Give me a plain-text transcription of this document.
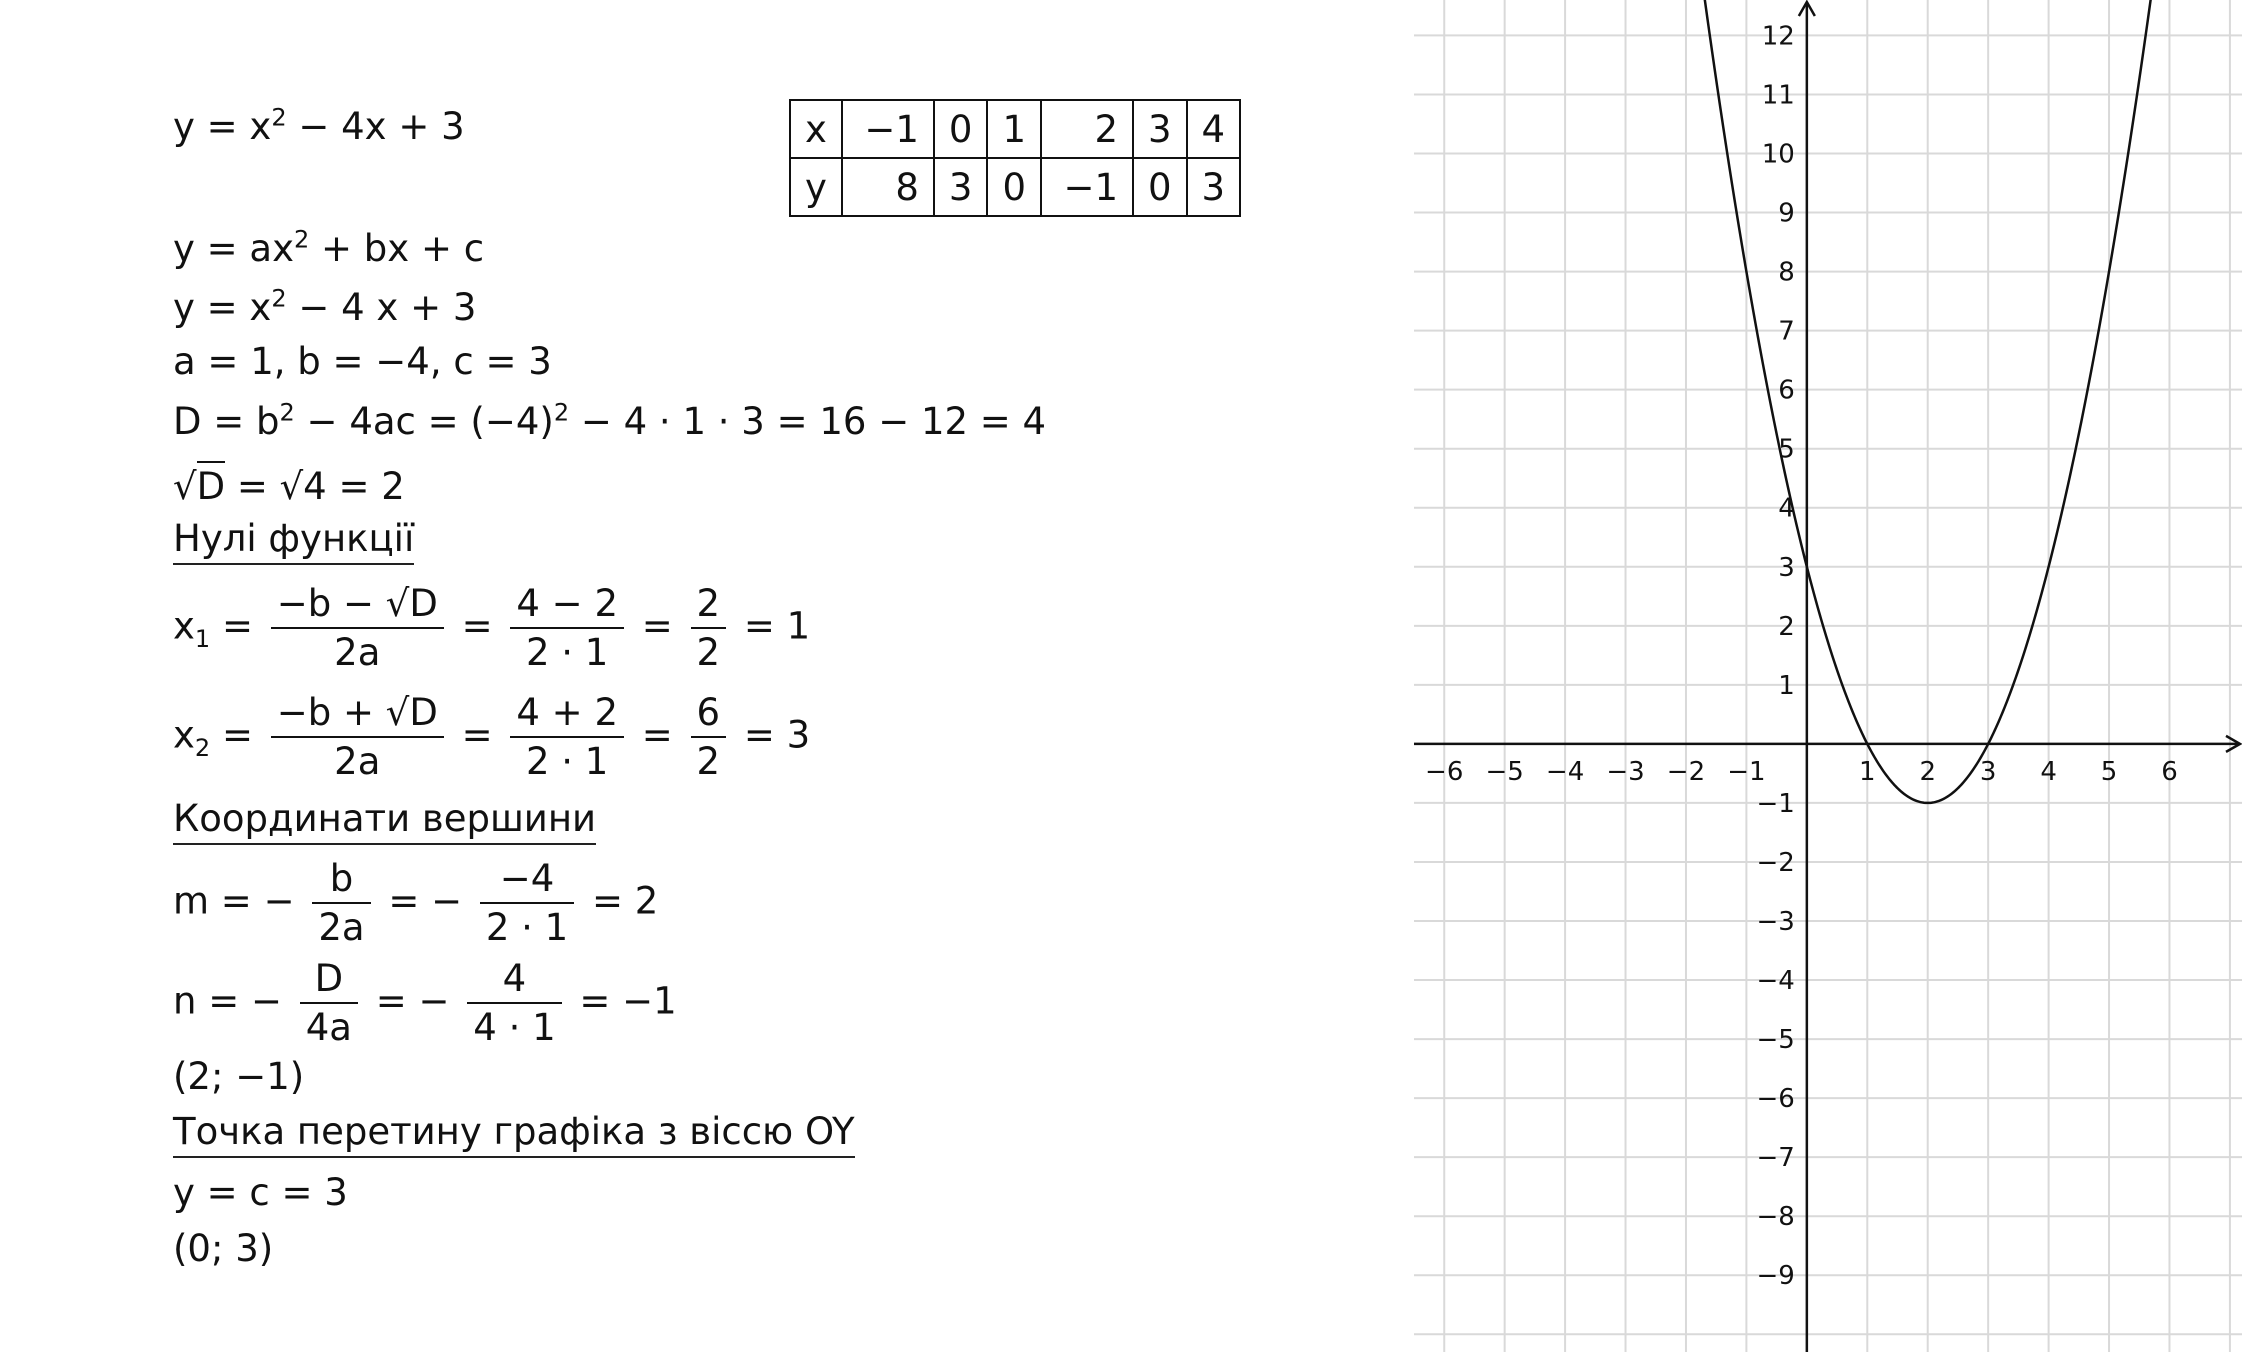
$y = x^2 - 4x + 3$
$y = ax^2$ + bx + c
$y = x^2 - 4$ x + 3
a = 1, b = −4, c = 3
$D = b^2 - 4ac = (-4)^2 - 4 \cdot 1 \cdot 3 = 16 - 12 = 4$
√D = √4 = 2
Нулі функції
$x_1 = \frac{-b - √D}{2a} = \frac{4 - 2}{2 \cdot 1} = \frac{2}{2} = 1$
$x_2 = \frac{-b + √D}{2a} = \frac{4 + 2}{2 \cdot 1} = \frac{6}{2} = 3$
Координати вершини
m = − $\frac{b}{2a}$ = − $\frac{-4}{2 \cdot 1} = 2$
n = − $\frac{D}{4a}$ = − $\frac{4}{4 \cdot 1} = -1$
(2; −1)
Точка перетину графіка з віссю OY
y = c = 3
(0; 3)
x	−1	0	1	2	3	4
y	8	3	0	−1	0	3
−6 −5 −4 −3 −2 −1	1 2 3 4 5 6
12
11
10
9
8
7
6
5
4
3
2
1
−1
−2
−3
−4
−5
−6
−7
−8
−9
